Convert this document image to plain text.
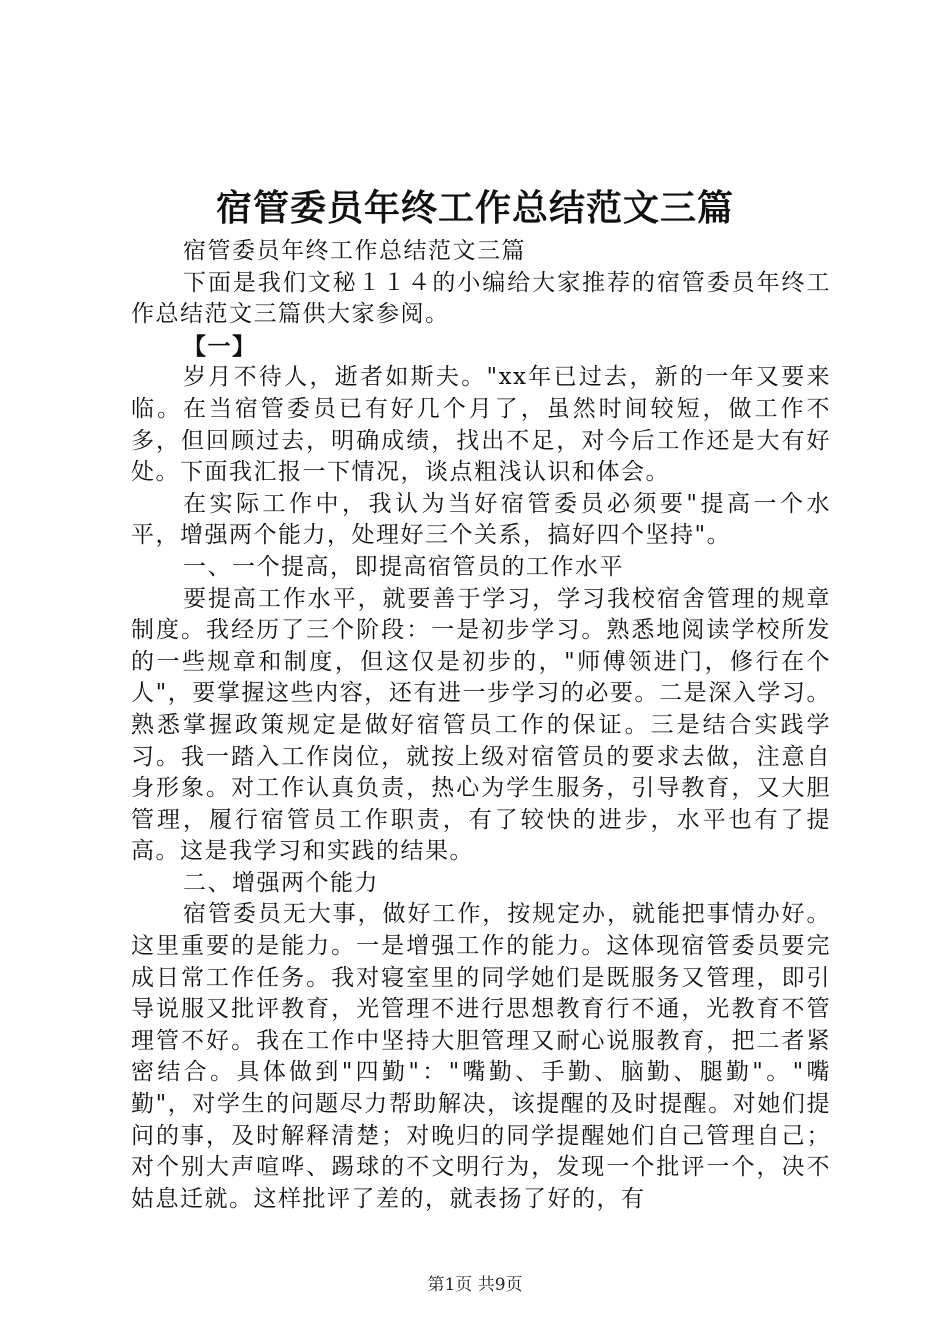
宿管委员年终工作总结范文三篇

宿管委员年终工作总结范文三篇

下面是我们文秘１１４的小编给大家推荐的宿管委员年终工作总结范文三篇供大家参阅。

【一】

岁月不待人，逝者如斯夫。"xx年已过去，新的一年又要来临。在当宿管委员已有好几个月了，虽然时间较短，做工作不多，但回顾过去，明确成绩，找出不足，对今后工作还是大有好处。下面我汇报一下情况，谈点粗浅认识和体会。

在实际工作中，我认为当好宿管委员必须要"提高一个水平，增强两个能力，处理好三个关系，搞好四个坚持"。

一、一个提高，即提高宿管员的工作水平

要提高工作水平，就要善于学习，学习我校宿舍管理的规章制度。我经历了三个阶段：一是初步学习。熟悉地阅读学校所发的一些规章和制度，但这仅是初步的，"师傅领进门，修行在个人"，要掌握这些内容，还有进一步学习的必要。二是深入学习。熟悉掌握政策规定是做好宿管员工作的保证。三是结合实践学习。我一踏入工作岗位，就按上级对宿管员的要求去做，注意自身形象。对工作认真负责，热心为学生服务，引导教育，又大胆管理，履行宿管员工作职责，有了较快的进步，水平也有了提高。这是我学习和实践的结果。

二、增强两个能力

宿管委员无大事，做好工作，按规定办，就能把事情办好。这里重要的是能力。一是增强工作的能力。这体现宿管委员要完成日常工作任务。我对寝室里的同学她们是既服务又管理，即引导说服又批评教育，光管理不进行思想教育行不通，光教育不管理管不好。我在工作中坚持大胆管理又耐心说服教育，把二者紧密结合。具体做到"四勤"："嘴勤、手勤、脑勤、腿勤"。"嘴勤"，对学生的问题尽力帮助解决，该提醒的及时提醒。对她们提问的事，及时解释清楚；对晚归的同学提醒她们自己管理自己；对个别大声喧哗、踢球的不文明行为，发现一个批评一个，决不姑息迁就。这样批评了差的，就表扬了好的，有

第1页 共9页
